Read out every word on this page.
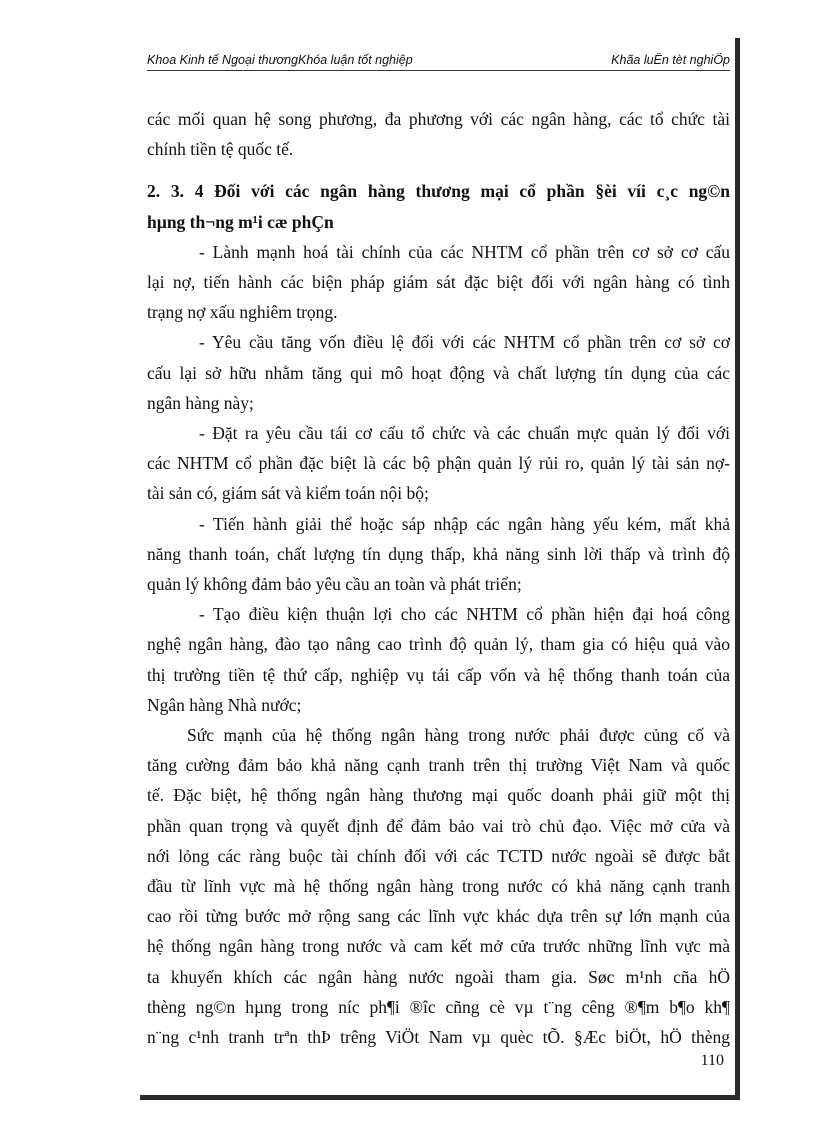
Khoa Kinh tế Ngoại thươngKhóa luận tốt nghiệp	Khãa luËn tèt nghiÖp
các mối quan hệ song phương, đa phương với các ngân hàng, các tổ chức tài
chính tiền tệ quốc tế.
2. 3. 4 Đối với các ngân hàng thương mại cổ phần §èi víi c¸c ng©n
hµng th¬ng m¹i cæ phÇn
- Lành mạnh hoá tài chính của các NHTM cổ phần trên cơ sở cơ cấu
lại nợ, tiến hành các biện pháp giám sát đặc biệt đối với ngân hàng có tình
trạng nợ xấu nghiêm trọng.
- Yêu cầu tăng vốn điều lệ đối với các NHTM cổ phần trên cơ sở cơ
cấu lại sở hữu nhằm tăng qui mô hoạt động và chất lượng tín dụng của các
ngân hàng này;
- Đặt ra yêu cầu tái cơ cấu tổ chức và các chuẩn mực quản lý đối với
các NHTM cổ phần đặc biệt là các bộ phận quản lý rủi ro, quản lý tài sản nợ-
tài sản có, giám sát và kiểm toán nội bộ;
- Tiến hành giải thể hoặc sáp nhập các ngân hàng yếu kém, mất khả
năng thanh toán, chất lượng tín dụng thấp, khả năng sinh lời thấp và trình độ
quản lý không đảm bảo yêu cầu an toàn và phát triển;
- Tạo điều kiện thuận lợi cho các NHTM cổ phần hiện đại hoá công
nghệ ngân hàng, đào tạo nâng cao trình độ quản lý, tham gia có hiệu quả vào
thị trường tiền tệ thứ cấp, nghiệp vụ tái cấp vốn và hệ thống thanh toán của
Ngân hàng Nhà nước;
Sức mạnh của hệ thống ngân hàng trong nước phải được củng cố và
tăng cường đảm bảo khả năng cạnh tranh trên thị trường Việt Nam và quốc
tế. Đặc biệt, hệ thống ngân hàng thương mại quốc doanh phải giữ một thị
phần quan trọng và quyết định để đảm bảo vai trò chủ đạo. Việc mở cửa và
nới lỏng các ràng buộc tài chính đối với các TCTD nước ngoài sẽ được bắt
đầu từ lĩnh vực mà hệ thống ngân hàng trong nước có khả năng cạnh tranh
cao rồi từng bước mở rộng sang các lĩnh vực khác dựa trên sự lớn mạnh của
hệ thống ngân hàng trong nước và cam kết mở cửa trước những lĩnh vực mà
ta khuyến khích các ngân hàng nước ngoài tham gia. Søc m¹nh cña hÖ
thèng ng©n hµng trong níc ph¶i ®îc cñng cè vµ t¨ng cêng ®¶m b¶o kh¶
n¨ng c¹nh tranh trªn thÞ trêng ViÖt Nam vµ quèc tÕ. §Æc biÖt, hÖ thèng
110
